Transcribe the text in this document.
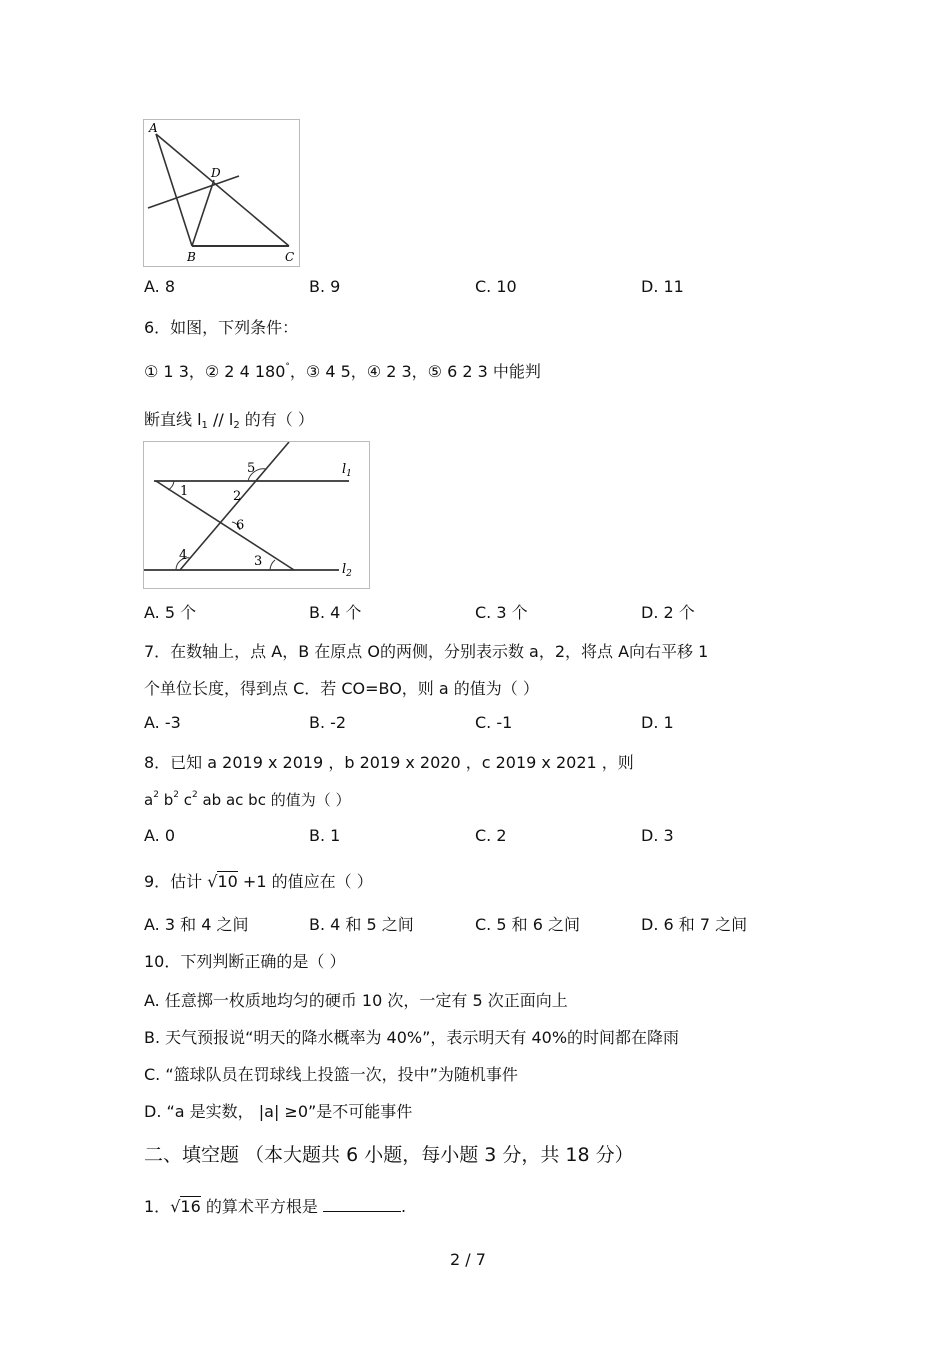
A
B	C
D
A. 8	B. 9	C. 10	D. 11
6．如图，下列条件：
① 1 3，② 2 4 180°，③ 4 5，④ 2 3，⑤ 6 2 3 中能判
断直线 $l_1 // l_2$ 的有（ ）
5
1	2
6
4	3
$l_1$
$l_2$
A. 5 个	B. 4 个	C. 3 个	D. 2 个
7．在数轴上，点 A，B 在原点 O的两侧，分别表示数 a，2，将点 A向右平移 1
个单位长度，得到点 C．若 CO=BO，则 a 的值为（ ）
A. -3	B. -2	C. -1	D. 1
8．已知 a 2019 x 2019 ，b 2019 x 2020 ，c 2019 x 2021 ，则
$a^2$ $b^2$ $c^2$ ab ac bc 的值为（ ）
A. 0	B. 1	C. 2	D. 3
9．估计 √10 +1 的值应在（ ）
A. 3 和 4 之间	B. 4 和 5 之间	C. 5 和 6 之间	D. 6 和 7 之间
10．下列判断正确的是（ ）
A. 任意掷一枚质地均匀的硬币 10 次，一定有 5 次正面向上
B. 天气预报说“明天的降水概率为 40%”，表示明天有 40%的时间都在降雨
C. “篮球队员在罚球线上投篮一次，投中”为随机事件
D. “a 是实数， |a| ≥0”是不可能事件
二、填空题 （本大题共 6 小题，每小题 3 分，共 18 分）
1．√16 的算术平方根是	.
2 / 7
